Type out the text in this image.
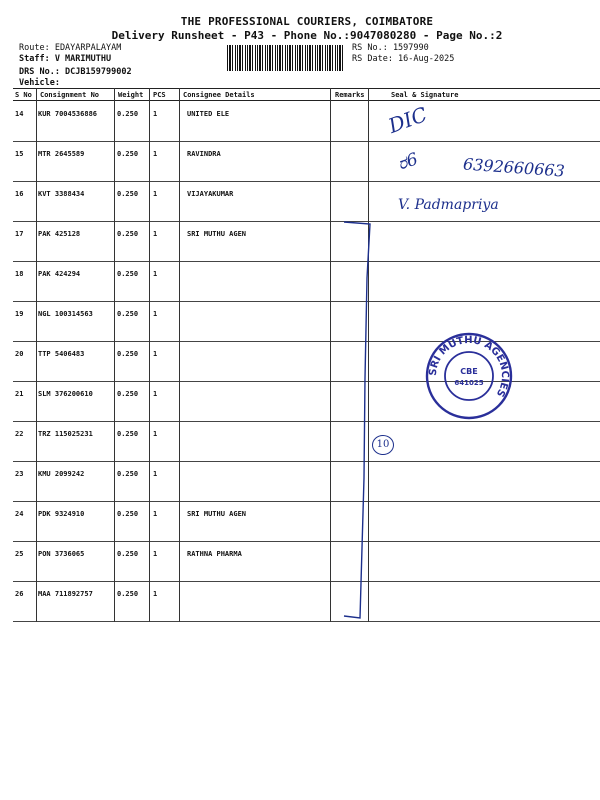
THE PROFESSIONAL COURIERS, COIMBATORE
Delivery Runsheet - P43 - Phone No.:9047080280 - Page No.:2
Route: EDAYARPALAYAM
Staff: V MARIMUTHU
DRS No.: DCJB159799002
Vehicle:
RS No.: 1597990
RS Date: 16-Aug-2025
S No Consignment No	Weight PCS Consignee Details	Remarks	Seal & Signature
14 KUR 7004536886	0.250 1	UNITED ELE
15 MTR 2645589	0.250 1	RAVINDRA
16 KVT 3388434	0.250 1	VIJAYAKUMAR
17 PAK 425128	0.250 1	SRI MUTHU AGEN
18 PAK 424294	0.250 1
19 NGL 100314563	0.250 1
20 TTP 5406483	0.250 1
21 SLM 376200610	0.250 1
22 TRZ 115025231	0.250 1
23 KMU 2099242	0.250 1
24 PDK 9324910	0.250 1	SRI MUTHU AGEN
25 PON 3736065	0.250 1	RATHNA PHARMA
26 MAA 711892757	0.250 1
DIC
ರ6	6392660663
V. Padmapriya
10
SRI MUTHU AGENCIES
CBE
641025
